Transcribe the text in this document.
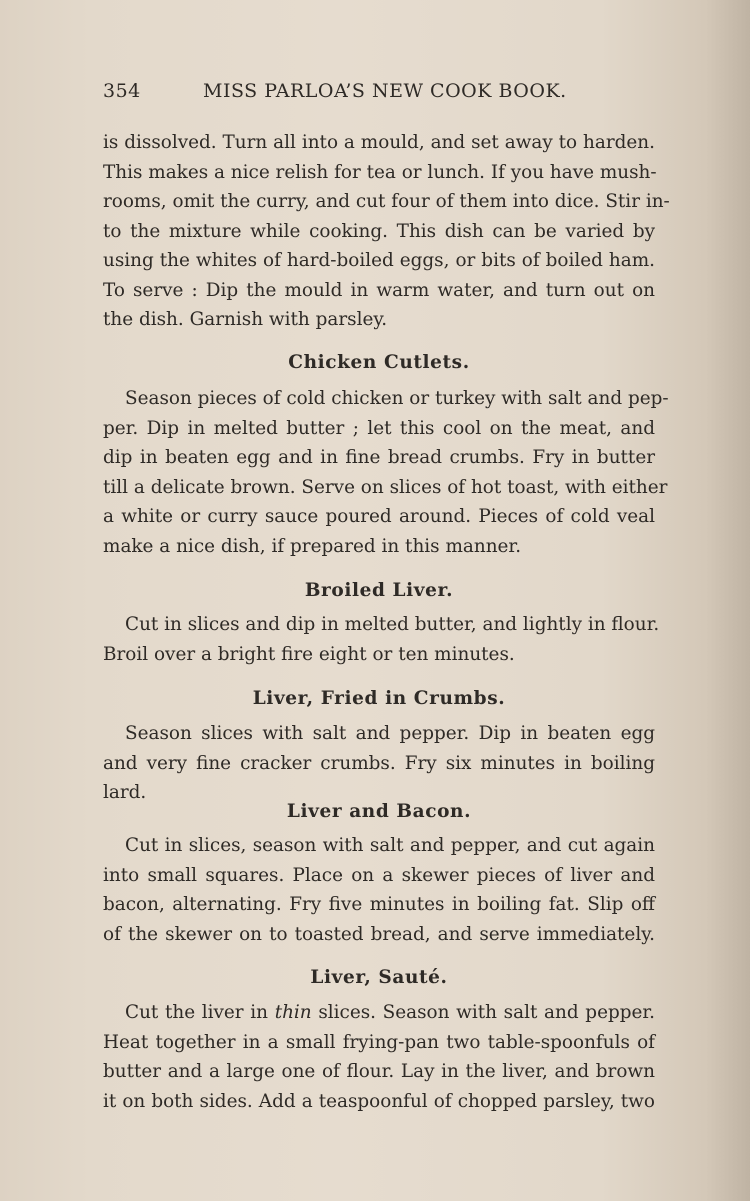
354	MISS PARLOA’S NEW COOK BOOK.

is dissolved. Turn all into a mould, and set away to harden.
This makes a nice relish for tea or lunch. If you have mush-
rooms, omit the curry, and cut four of them into dice. Stir in-
to the mixture while cooking. This dish can be varied by
using the whites of hard-boiled eggs, or bits of boiled ham.
To serve : Dip the mould in warm water, and turn out on
the dish. Garnish with parsley.

Chicken Cutlets.

Season pieces of cold chicken or turkey with salt and pep-
per. Dip in melted butter ; let this cool on the meat, and
dip in beaten egg and in fine bread crumbs. Fry in butter
till a delicate brown. Serve on slices of hot toast, with either
a white or curry sauce poured around. Pieces of cold veal
make a nice dish, if prepared in this manner.

Broiled Liver.

Cut in slices and dip in melted butter, and lightly in flour.
Broil over a bright fire eight or ten minutes.

Liver, Fried in Crumbs.

Season slices with salt and pepper. Dip in beaten egg
and very fine cracker crumbs. Fry six minutes in boiling
lard.

Liver and Bacon.

Cut in slices, season with salt and pepper, and cut again
into small squares. Place on a skewer pieces of liver and
bacon, alternating. Fry five minutes in boiling fat. Slip off
of the skewer on to toasted bread, and serve immediately.

Liver, Sauté.

Cut the liver in thin slices. Season with salt and pepper.
Heat together in a small frying-pan two table-spoonfuls of
butter and a large one of flour. Lay in the liver, and brown
it on both sides. Add a teaspoonful of chopped parsley, two
